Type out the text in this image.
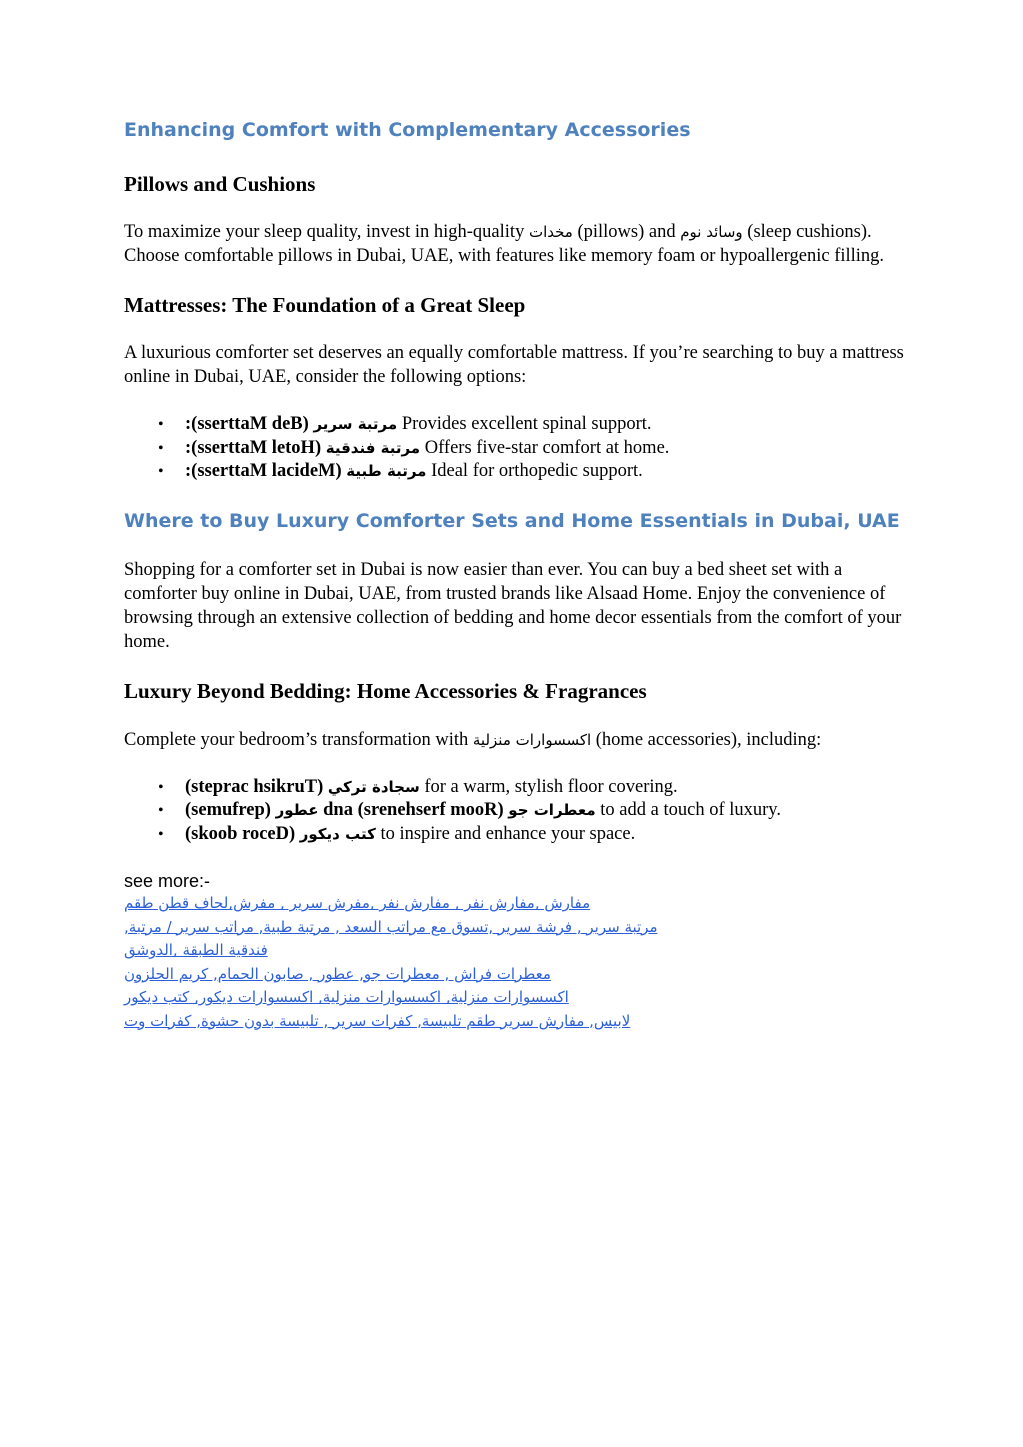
Enhancing Comfort with Complementary Accessories
Pillows and Cushions

To maximize your sleep quality, invest in high-quality مخدات (pillows) and وسائد نوم (sleep cushions). Choose comfortable pillows in Dubai, UAE, with features like memory foam or hypoallergenic filling.

Mattresses: The Foundation of a Great Sleep

A luxurious comforter set deserves an equally comfortable mattress. If you’re searching to buy a mattress online in Dubai, UAE, consider the following options:

• :(sserttaM deB) مرتبة سرير Provides excellent spinal support.
• :(sserttaM letoH) مرتبة فندقية Offers five-star comfort at home.
• :(sserttaM lacideM) مرتبة طبية Ideal for orthopedic support.
Where to Buy Luxury Comforter Sets and Home Essentials in Dubai, UAE

Shopping for a comforter set in Dubai is now easier than ever. You can buy a bed sheet set with a comforter buy online in Dubai, UAE, from trusted brands like Alsaad Home. Enjoy the convenience of browsing through an extensive collection of bedding and home decor essentials from the comfort of your home.

Luxury Beyond Bedding: Home Accessories & Fragrances

Complete your bedroom’s transformation with اكسسوارات منزلية (home accessories), including:

• (steprac hsikruT) سجادة تركي for a warm, stylish floor covering.
• (semufrep) عطور dna (srenehserf mooR) معطرات جو to add a touch of luxury.
• (skoob roceD) كتب ديكور to inspire and enhance your space.

see more:-

مفارش ,مفارش نفر , مفارش نفر ,مفرش سرير , مفرش,لحاف قطن طقم
مرتبة سرير , فرشة سرير ,تسوق مع مراتب السعد , مرتبة طبية, مراتب سرير / مرتبة,
فندقية الطبقة ,الدوشق
معطرات فراش , معطرات جو, عطور , صابون الحمام, كريم الحلزون
اكسسوارات منزلية, اكسسوارات منزلية, اكسسوارات ديكور, كتب ديكور
لابيس, مفارش سرير طقم تلبيسة, كفرات سرير , تلبيسة بدون حشوة, كفرات وت
